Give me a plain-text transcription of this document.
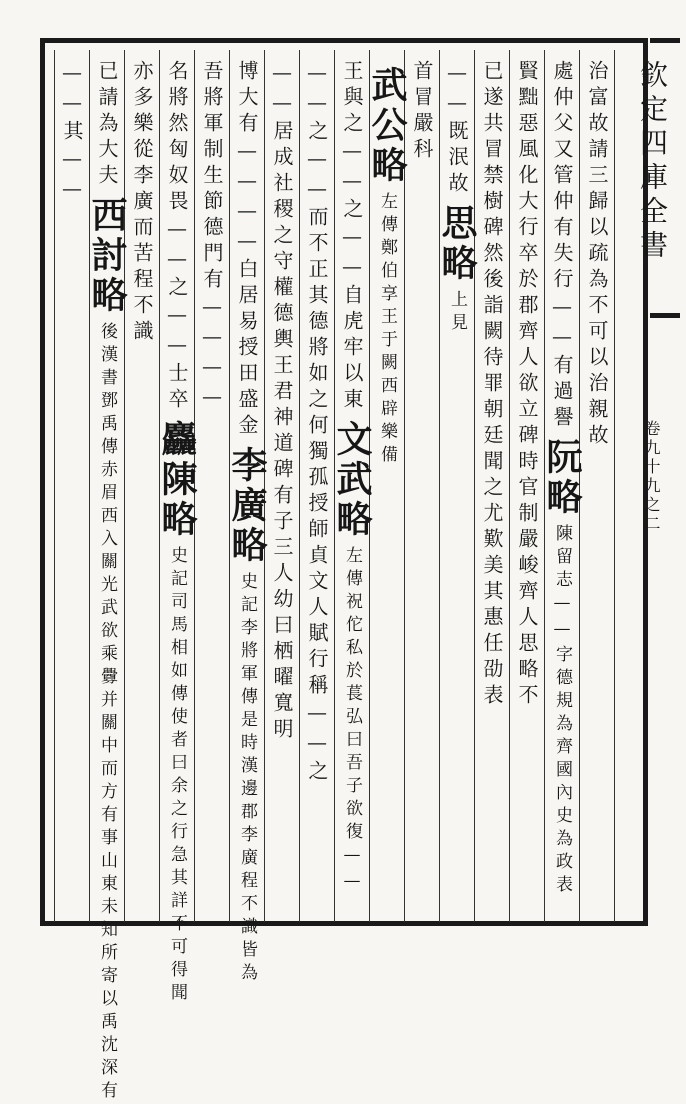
欽定四庫全書
卷九十九之二
治富故請三歸以疏為不可以治親故
處仲父又管仲有失行——有過譽
阮略
陳留志——字德規為齊國內史為政表
賢黜惡風化大行卒於郡齊人欲立碑時官制嚴峻齊人思略不
已遂共冒禁樹碑然後詣闕待罪朝廷聞之尤歎美其惠任劭表
——既泯故
思略
上見
首冒嚴科
武公略
左傳鄭伯享王于闕西辟樂備
王與之——之——自虎牢以東
文武略
左傳祝佗私於萇弘曰吾子欲復——
——之——而不正其德將如之何獨孤授師貞文人賦行稱——之
——居成社稷之守權德輿王君神道碑有子三人幼曰栖曜寬明
博大有————白居易授田盛金
李廣略
史記李將軍傳是時漢邊郡李廣程不識皆為
吾將軍制生節德門有————
名將然匈奴畏——之——士卒
麤陳略
史記司馬相如傳使者曰余之行急其詳不可得聞
亦多樂從李廣而苦程不識
已請為大夫
西討略
後漢書鄧禹傳赤眉西入關光武欲乘釁并關中而方有事山東未知所寄以禹沈深有
——其——
